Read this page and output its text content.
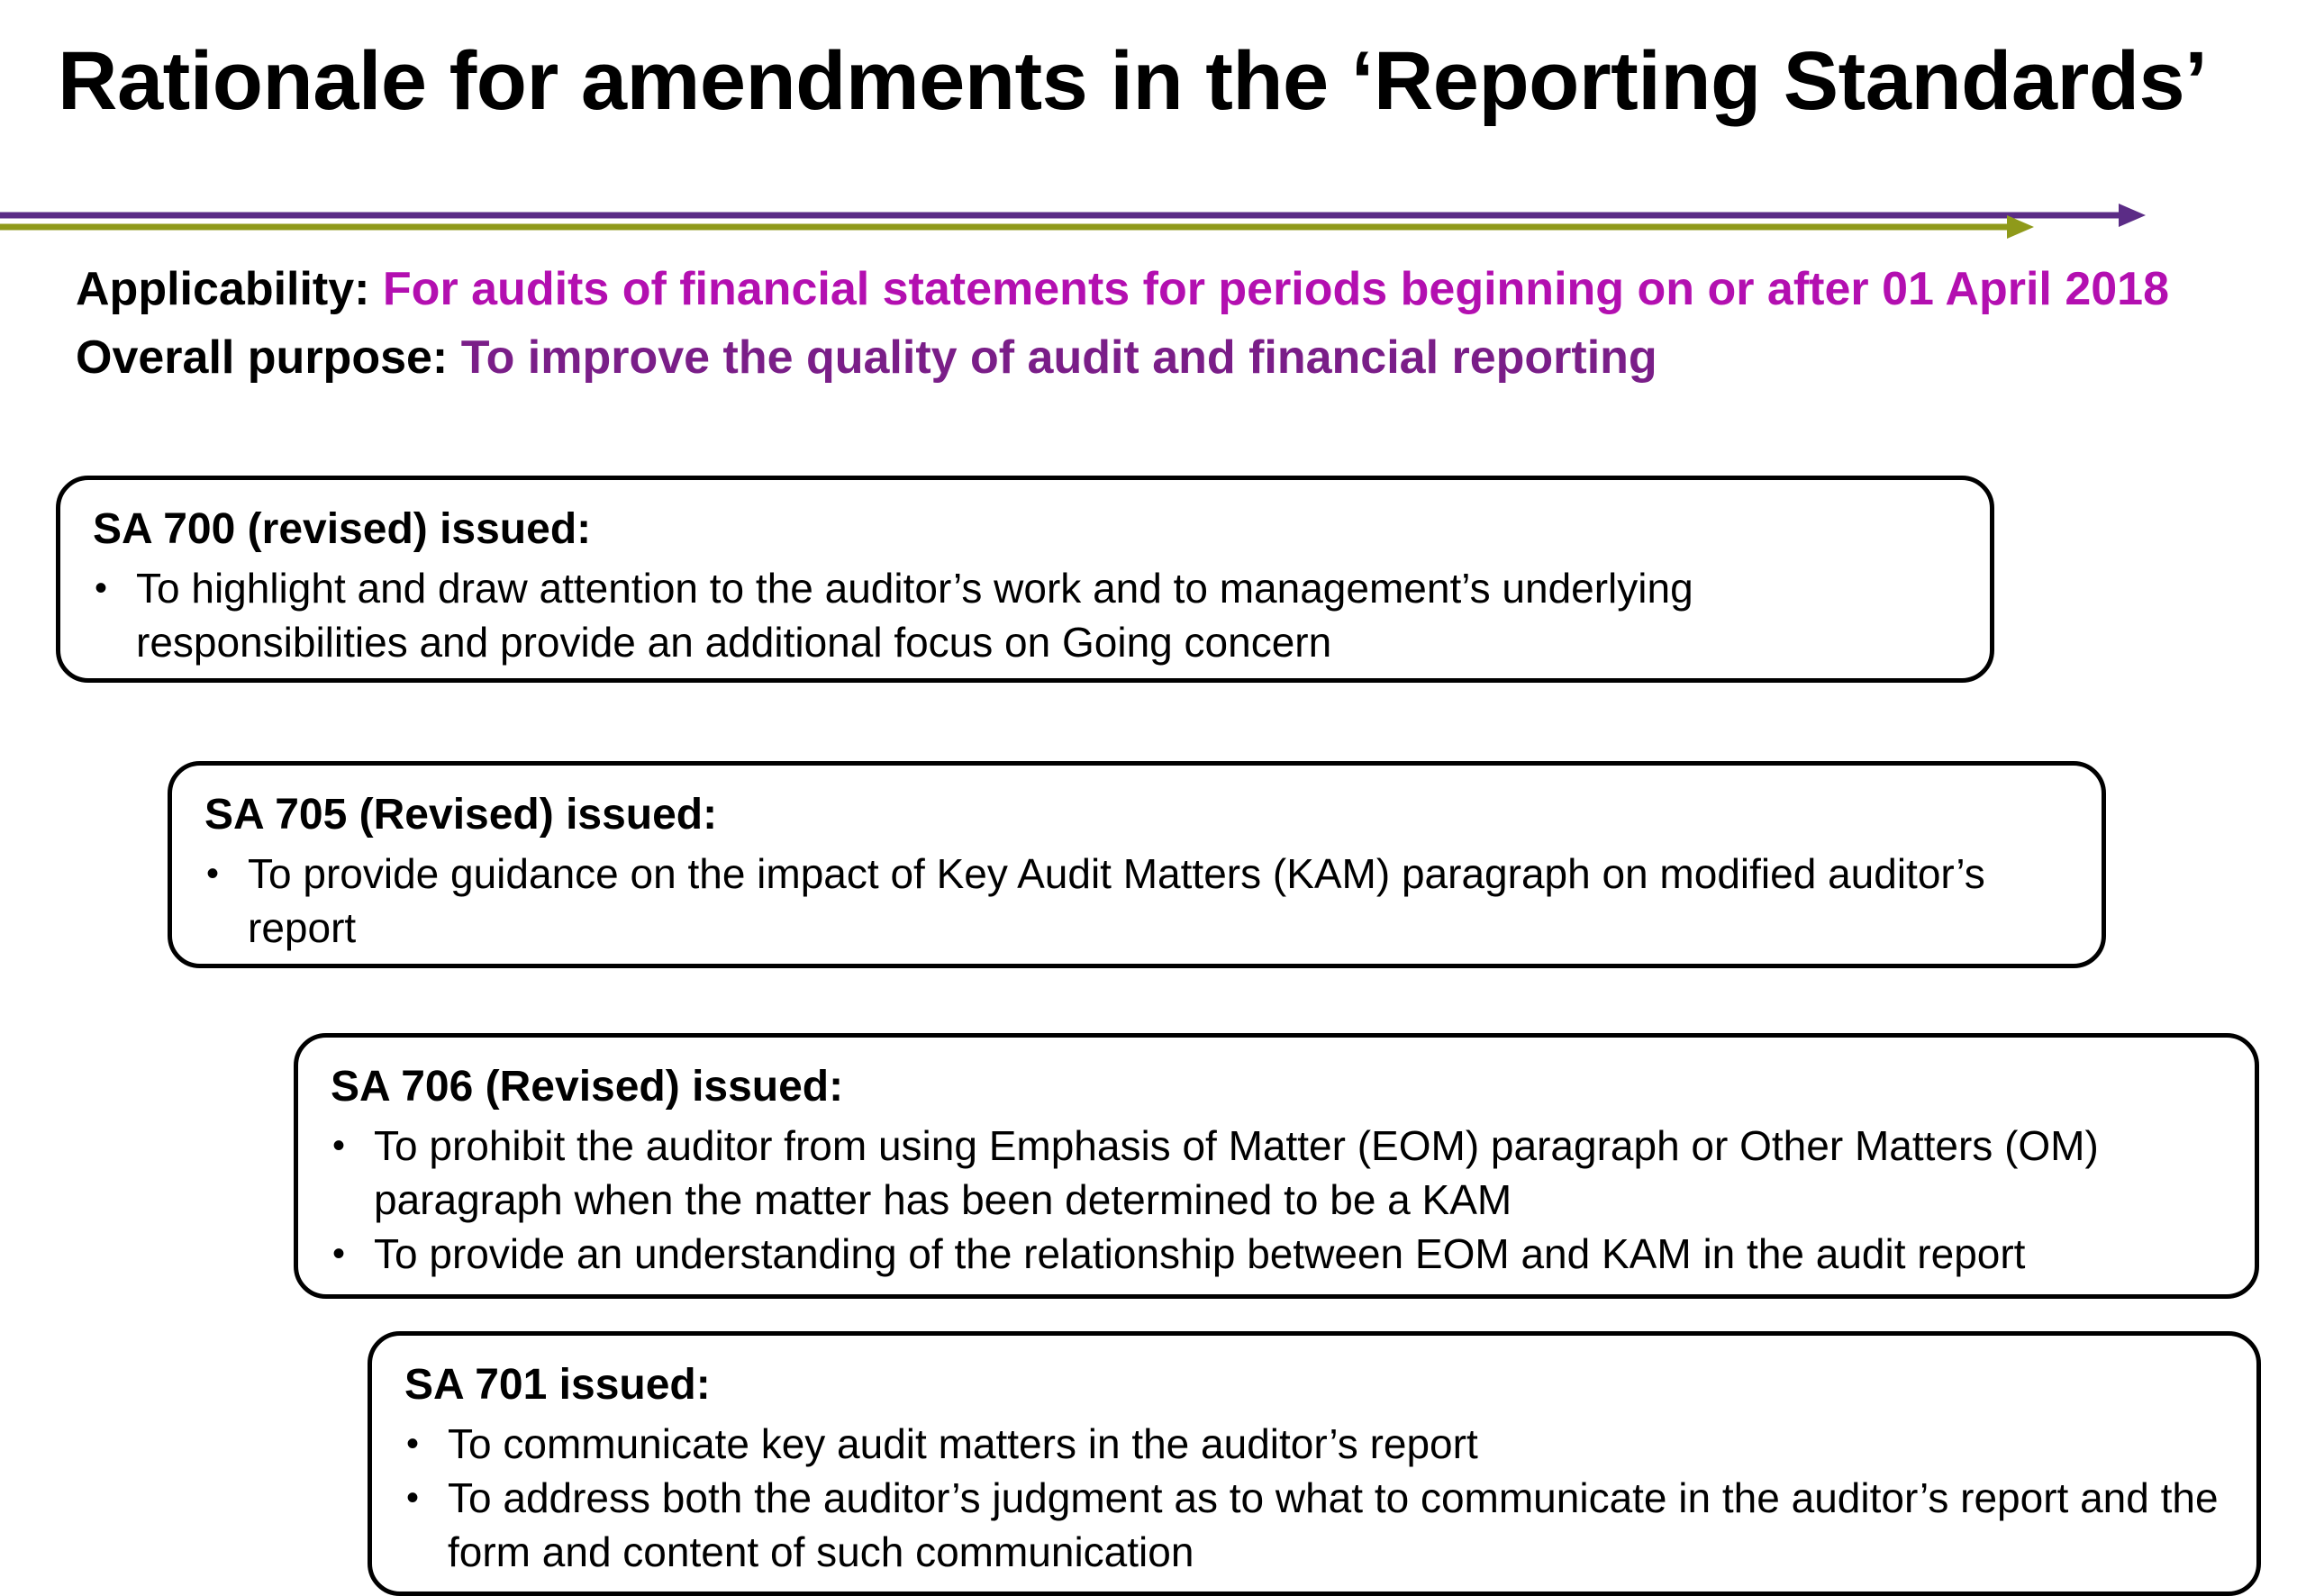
Rationale for amendments in the ‘Reporting Standards’
Applicability: For audits of financial statements for periods beginning on or after 01 April 2018
Overall purpose: To improve the quality of audit and financial reporting
SA 700 (revised) issued:
• To highlight and draw attention to the auditor’s work and to management’s underlying responsibilities and provide an additional focus on Going concern
SA 705 (Revised) issued:
• To provide guidance on the impact of Key Audit Matters (KAM) paragraph on modified auditor’s report
SA 706 (Revised) issued:
• To prohibit the auditor from using Emphasis of Matter (EOM) paragraph or Other Matters (OM) paragraph when the matter has been determined to be a KAM
• To provide an understanding of the relationship between EOM and KAM in the audit report
SA 701 issued:
• To communicate key audit matters in the auditor’s report
• To address both the auditor’s judgment as to what to communicate in the auditor’s report and the form and content of such communication
